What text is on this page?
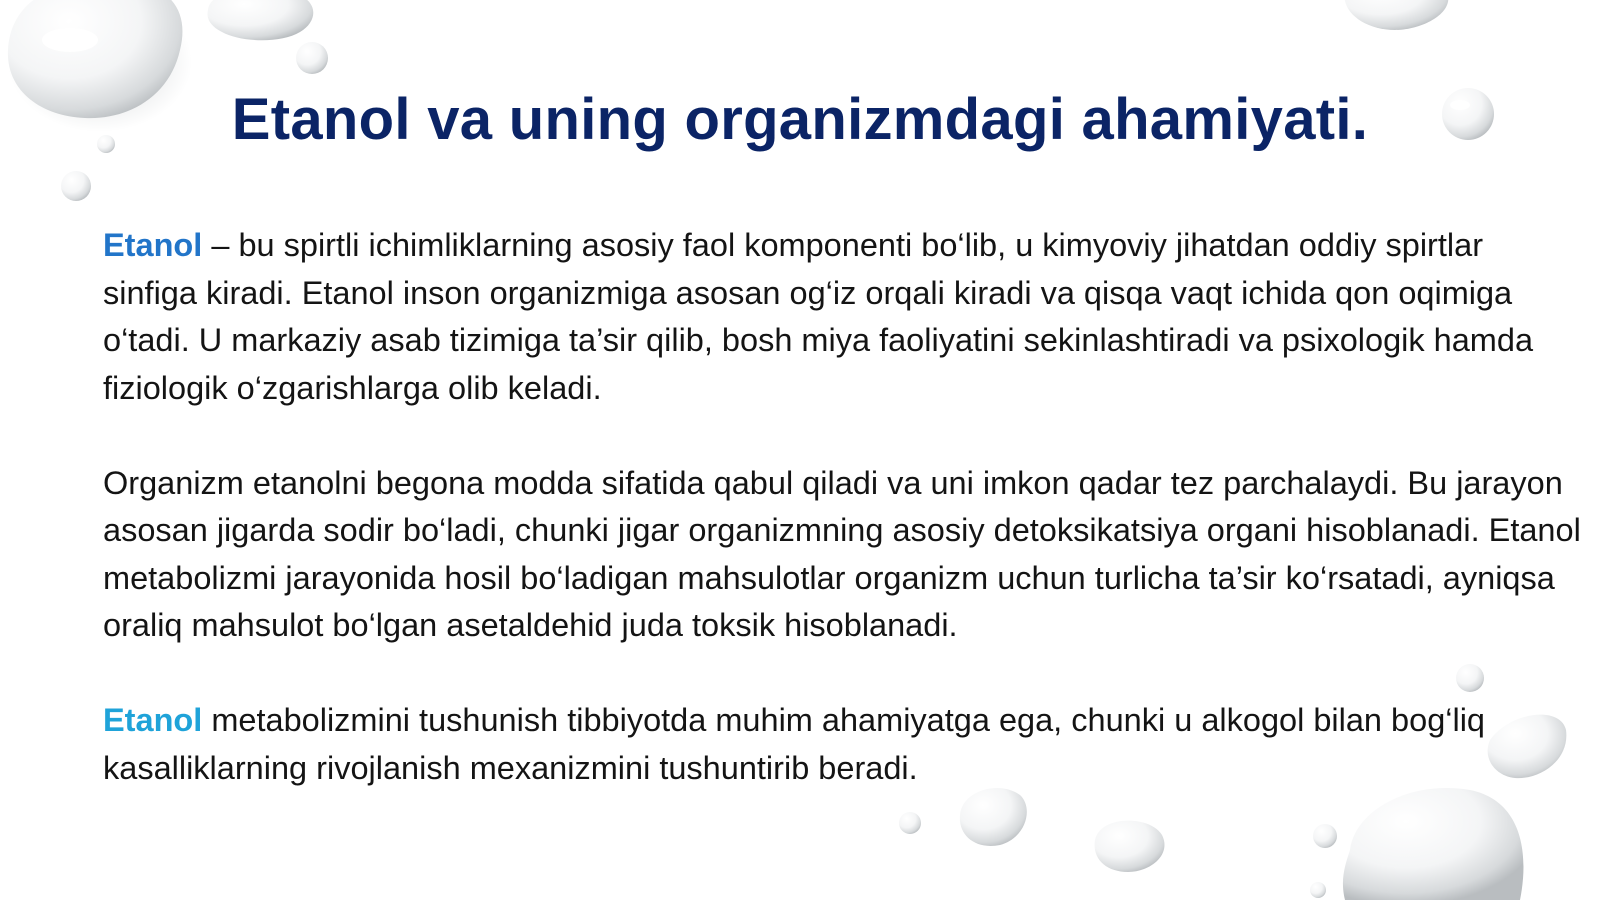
Etanol va uning organizmdagi ahamiyati.

Etanol – bu spirtli ichimliklarning asosiy faol komponenti bo‘lib, u kimyoviy jihatdan oddiy spirtlar sinfiga kiradi. Etanol inson organizmiga asosan og‘iz orqali kiradi va qisqa vaqt ichida qon oqimiga o‘tadi. U markaziy asab tizimiga ta’sir qilib, bosh miya faoliyatini sekinlashtiradi va psixologik hamda fiziologik o‘zgarishlarga olib keladi.

Organizm etanolni begona modda sifatida qabul qiladi va uni imkon qadar tez parchalaydi. Bu jarayon asosan jigarda sodir bo‘ladi, chunki jigar organizmning asosiy detoksikatsiya organi hisoblanadi. Etanol metabolizmi jarayonida hosil bo‘ladigan mahsulotlar organizm uchun turlicha ta’sir ko‘rsatadi, ayniqsa oraliq mahsulot bo‘lgan asetaldehid juda toksik hisoblanadi.

Etanol metabolizmini tushunish tibbiyotda muhim ahamiyatga ega, chunki u alkogol bilan bog‘liq kasalliklarning rivojlanish mexanizmini tushuntirib beradi.
